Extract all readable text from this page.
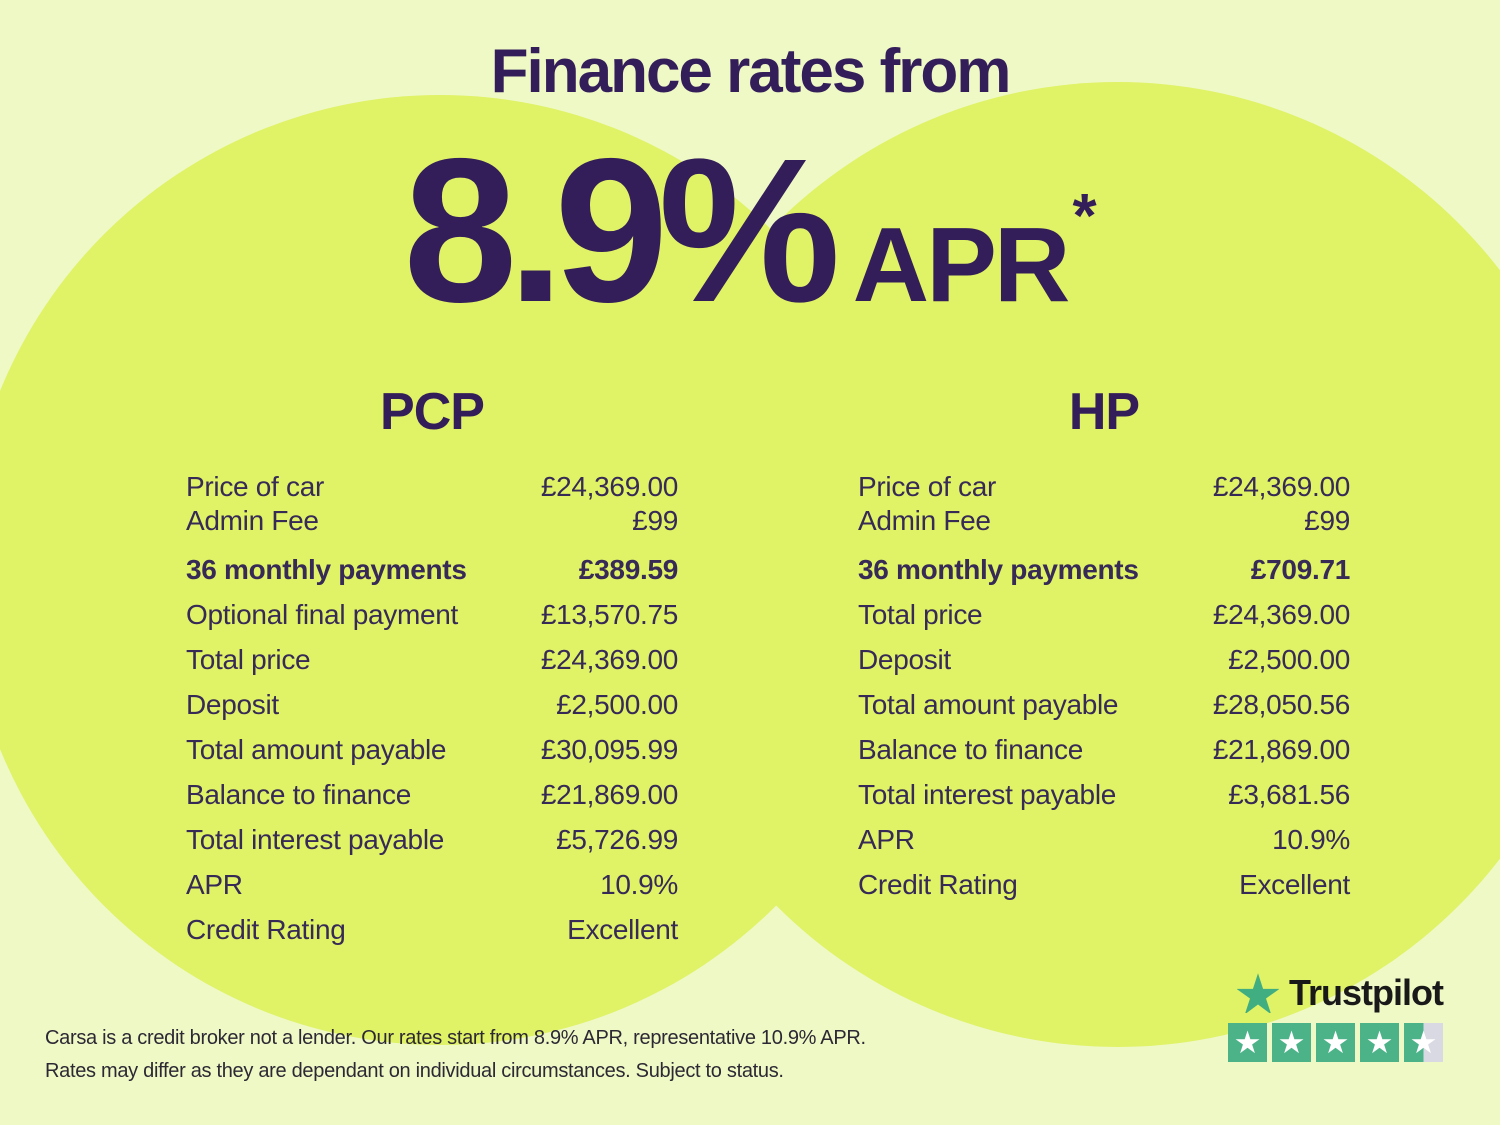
Finance rates from
8.9% APR *
PCP
Price of car	£24,369.00
Admin Fee	£99
36 monthly payments	£389.59
Optional final payment	£13,570.75
Total price	£24,369.00
Deposit	£2,500.00
Total amount payable	£30,095.99
Balance to finance	£21,869.00
Total interest payable	£5,726.99
APR	10.9%
Credit Rating	Excellent
HP
Price of car	£24,369.00
Admin Fee	£99
36 monthly payments	£709.71
Total price	£24,369.00
Deposit	£2,500.00
Total amount payable	£28,050.56
Balance to finance	£21,869.00
Total interest payable	£3,681.56
APR	10.9%
Credit Rating	Excellent

Carsa is a credit broker not a lender. Our rates start from 8.9% APR, representative 10.9% APR.
Rates may differ as they are dependant on individual circumstances. Subject to status.

Trustpilot
★ ★ ★ ★ ★
